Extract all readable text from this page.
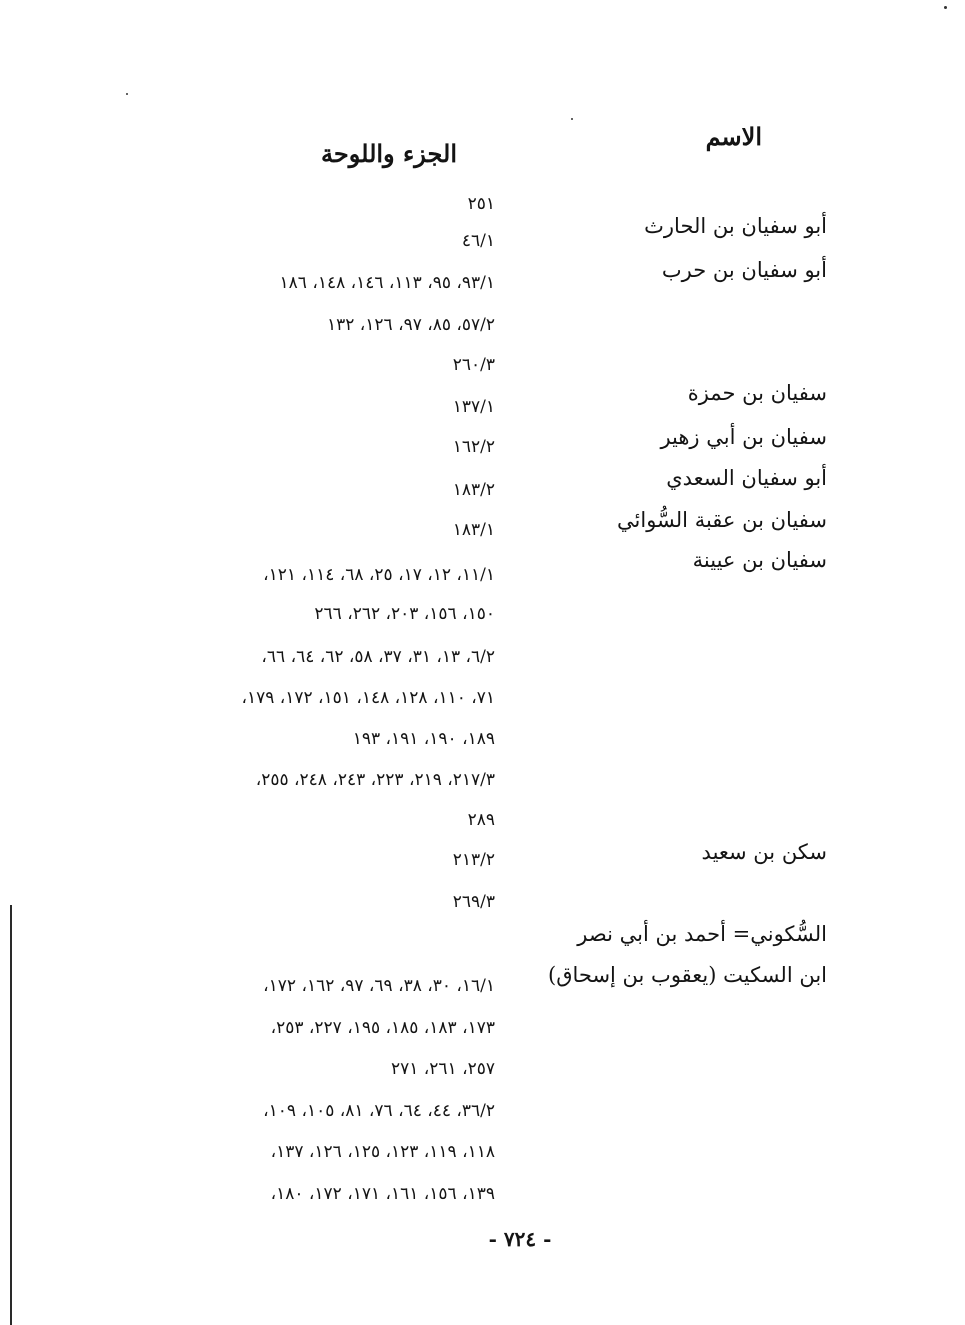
الاسم
الجزء واللوحة
أبو سفيان بن الحارث
أبو سفيان بن حرب
سفيان بن حمزة
سفيان بن أبي زهير
أبو سفيان السعدي
سفيان بن عقبة السُّوائي
سفيان بن عيينة
سكن بن سعيد
السُّكوني= أحمد بن أبي نصر
ابن السكيت (يعقوب بن إسحاق)
٢٥١
٤٦/١
٩٣/١، ٩٥، ١١٣، ١٤٦، ١٤٨، ١٨٦
٥٧/٢، ٨٥، ٩٧، ١٢٦، ١٣٢
٢٦٠/٣
١٣٧/١
١٦٢/٢
١٨٣/٢
١٨٣/١
١١/١، ١٢، ١٧، ٢٥، ٦٨، ١١٤، ١٢١،
١٥٠، ١٥٦، ٢٠٣، ٢٦٢، ٢٦٦
٦/٢، ١٣، ٣١، ٣٧، ٥٨، ٦٢، ٦٤، ٦٦،
٧١، ١١٠، ١٢٨، ١٤٨، ١٥١، ١٧٢، ١٧٩،
١٨٩، ١٩٠، ١٩١، ١٩٣
٢١٧/٣، ٢١٩، ٢٢٣، ٢٤٣، ٢٤٨، ٢٥٥،
٢٨٩
٢١٣/٢
٢٦٩/٣
١٦/١، ٣٠، ٣٨، ٦٩، ٩٧، ١٦٢، ١٧٢،
١٧٣، ١٨٣، ١٨٥، ١٩٥، ٢٢٧، ٢٥٣،
٢٥٧، ٢٦١، ٢٧١
٣٦/٢، ٤٤، ٦٤، ٧٦، ٨١، ١٠٥، ١٠٩،
١١٨، ١١٩، ١٢٣، ١٢٥، ١٢٦، ١٣٧،
١٣٩، ١٥٦، ١٦١، ١٧١، ١٧٢، ١٨٠،
- ٧٢٤ -
